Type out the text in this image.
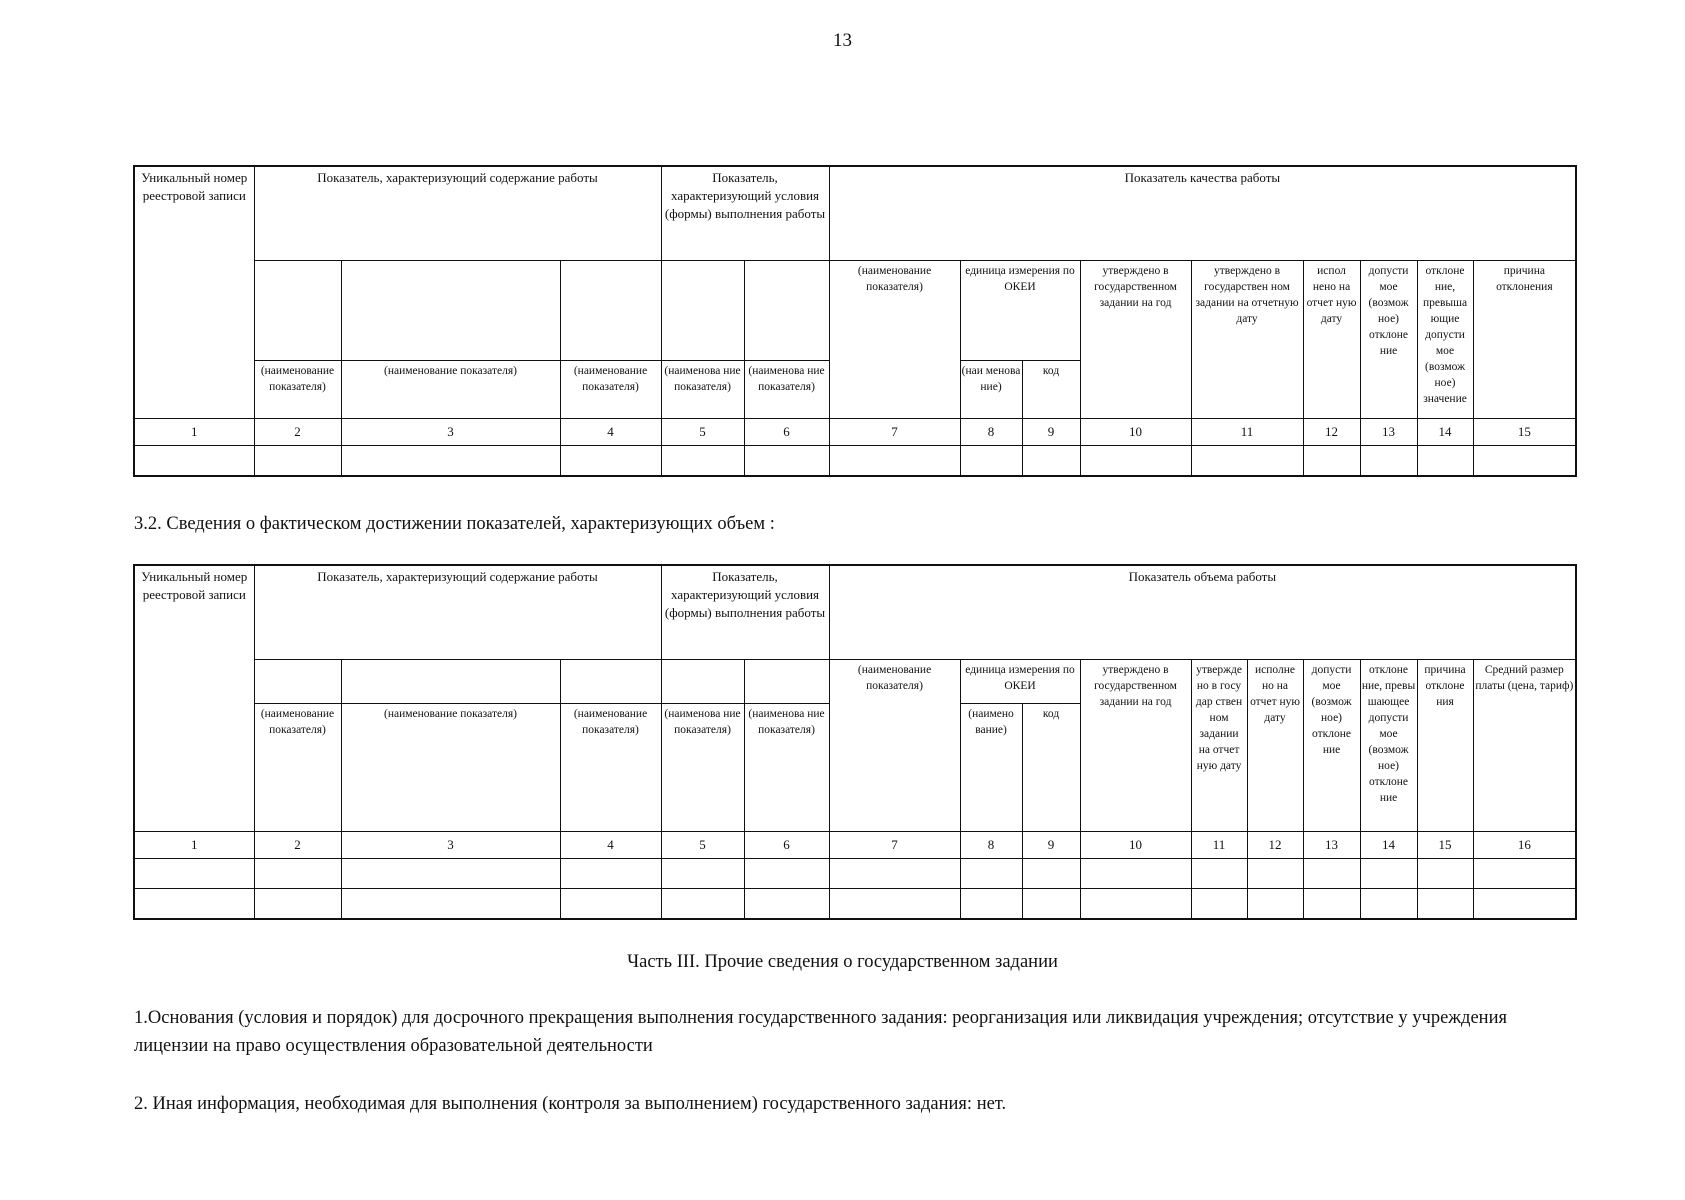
13
Уникальный номер реестровой записи	Показатель, характеризующий содержание работы			Показатель, характеризующий условия (формы) выполнения работы		Показатель качества работы								
						(наименование показателя)	единица измерения по ОКЕИ		утверждено в государственном задании на год	утверждено в государствен ном задании на отчетную дату	испол нено на отчет ную дату	допусти мое (возмож ное) отклоне ние	отклоне ние, превыша ющие допусти мое (возмож ное) значение	причина отклонения
	(наименование показателя)	(наименование показателя)	(наименование показателя)	(наименова ние показателя)	(наименова ние показателя)		(наи менова ние)	код						
1	2	3	4	5	6	7	8	9	10	11	12	13	14	15

3.2. Сведения о фактическом достижении показателей, характеризующих объем :
Уникальный номер реестровой записи	Показатель, характеризующий содержание работы			Показатель, характеризующий условия (формы) выполнения работы		Показатель объема работы									
						(наименование показателя)	единица измерения по ОКЕИ		утверждено в государственном задании на год	утвержде но в госу дар ствен ном задании на отчет ную дату	исполне но на отчет ную дату	допусти мое (возмож ное) отклоне ние	отклоне ние, превы шающее допусти мое (возмож ное) отклоне ние	причина отклоне ния	Средний размер платы (цена, тариф)
	(наименование показателя)	(наименование показателя)	(наименование показателя)	(наименова ние показателя)	(наименова ние показателя)		(наимено вание)	код							
1	2	3	4	5	6	7	8	9	10	11	12	13	14	15	16

Часть III. Прочие сведения о государственном задании
1.Основания (условия и порядок) для досрочного прекращения выполнения государственного задания: реорганизация или ликвидация учреждения; отсутствие у учреждения лицензии на право осуществления образовательной деятельности
2. Иная информация, необходимая для выполнения (контроля за выполнением) государственного задания: нет.
